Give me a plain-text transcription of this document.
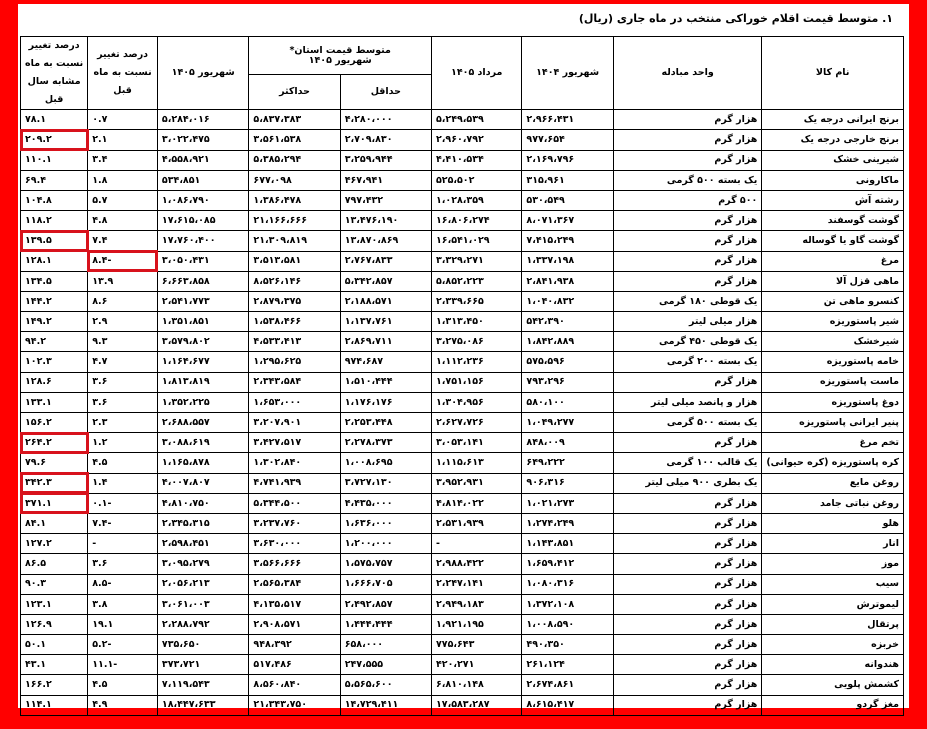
۱. متوسط قیمت اقلام خوراکی منتخب در ماه جاری (ریال)
نام کالا	واحد مبادله	شهریور ۱۴۰۴	مرداد ۱۴۰۵	متوسط قیمت استان*
شهریور ۱۴۰۵		شهریور ۱۴۰۵	درصد تغییر نسبت به ماه قبل	درصد تغییر نسبت به ماه مشابه سال قبل
				حداقل	حداکثر			
برنج ایرانی درجه یک	هزار گرم	۲،۹۶۶،۴۳۱	۵،۲۴۹،۵۳۹	۴،۲۸۰،۰۰۰	۵،۸۳۷،۳۸۳	۵،۲۸۴،۰۱۶	۰.۷	۷۸.۱
برنج خارجی درجه یک	هزار گرم	۹۷۷،۶۵۴	۲،۹۶۰،۷۹۲	۲،۷۰۹،۸۳۰	۳،۵۶۱،۵۳۸	۳،۰۲۲،۴۷۵	۲.۱	۲۰۹.۲
شیرینی خشک	هزار گرم	۲،۱۶۹،۷۹۶	۴،۴۱۰،۵۳۴	۳،۲۵۹،۹۴۴	۵،۳۸۵،۲۹۴	۴،۵۵۸،۹۲۱	۳.۴	۱۱۰.۱
ماکارونی	یک بسته ۵۰۰ گرمی	۳۱۵،۹۶۱	۵۲۵،۵۰۲	۴۶۷،۹۴۱	۶۷۷،۰۹۸	۵۳۴،۸۵۱	۱.۸	۶۹.۴
رشته آش	۵۰۰ گرم	۵۳۰،۵۴۹	۱،۰۲۸،۳۵۹	۷۹۷،۴۳۲	۱،۳۸۶،۴۷۸	۱،۰۸۶،۷۹۰	۵.۷	۱۰۴.۸
گوشت گوسفند	هزار گرم	۸،۰۷۱،۳۶۷	۱۶،۸۰۶،۲۷۴	۱۳،۴۷۶،۱۹۰	۲۱،۱۶۶،۶۶۶	۱۷،۶۱۵،۰۸۵	۴.۸	۱۱۸.۲
گوشت گاو یا گوساله	هزار گرم	۷،۴۱۵،۲۴۹	۱۶،۵۴۱،۰۲۹	۱۳،۸۷۰،۸۶۹	۲۱،۳۰۹،۸۱۹	۱۷،۷۶۰،۴۰۰	۷.۴	۱۳۹.۵
مرغ	هزار گرم	۱،۳۳۷،۱۹۸	۳،۳۲۹،۲۷۱	۲،۷۶۷،۸۳۳	۳،۵۱۳،۵۸۱	۳،۰۵۰،۴۳۱	۸.۴-	۱۲۸.۱
ماهی قزل آلا	هزار گرم	۲،۸۴۱،۹۳۸	۵،۸۵۲،۲۲۳	۵،۳۴۲،۸۵۷	۸،۵۲۶،۱۴۶	۶،۶۶۳،۸۵۸	۱۳.۹	۱۳۴.۵
کنسرو ماهی تن	یک قوطی ۱۸۰ گرمی	۱،۰۴۰،۸۳۲	۲،۳۳۹،۶۶۵	۲،۱۸۸،۵۷۱	۲،۸۷۹،۳۷۵	۲،۵۴۱،۷۷۳	۸.۶	۱۴۴.۲
شیر پاستوریزه	هزار میلی لیتر	۵۴۲،۳۹۰	۱،۳۱۳،۴۵۰	۱،۱۳۷،۷۶۱	۱،۵۳۸،۴۶۶	۱،۳۵۱،۸۵۱	۲.۹	۱۴۹.۲
شیرخشک	یک قوطی ۴۵۰ گرمی	۱،۸۴۲،۸۸۹	۳،۲۷۵،۰۸۶	۲،۸۶۹،۷۱۱	۴،۵۳۳،۴۱۳	۳،۵۷۹،۸۰۲	۹.۳	۹۴.۲
خامه پاستوریزه	یک بسته ۲۰۰ گرمی	۵۷۵،۵۹۶	۱،۱۱۲،۲۳۶	۹۷۴،۶۸۷	۱،۲۹۵،۶۲۵	۱،۱۶۴،۶۷۷	۴.۷	۱۰۲.۳
ماست پاستوریزه	هزار گرم	۷۹۳،۲۹۶	۱،۷۵۱،۱۵۶	۱،۵۱۰،۴۴۴	۲،۳۴۳،۵۸۴	۱،۸۱۳،۸۱۹	۳.۶	۱۲۸.۶
دوغ پاستوریزه	هزار و پانصد میلی لیتر	۵۸۰،۱۰۰	۱،۳۰۴،۹۵۶	۱،۱۷۶،۱۷۶	۱،۶۵۳،۰۰۰	۱،۳۵۲،۲۲۵	۳.۶	۱۳۳.۱
پنیر ایرانی پاستوریزه	یک بسته ۵۰۰ گرمی	۱،۰۴۹،۲۷۷	۲،۶۲۷،۷۲۶	۲،۲۵۳،۴۴۸	۳،۲۰۷،۹۰۱	۲،۶۸۸،۵۵۷	۲.۳	۱۵۶.۲
تخم مرغ	هزار گرم	۸۴۸،۰۰۹	۳،۰۵۳،۱۴۱	۲،۲۷۸،۳۷۳	۳،۴۲۷،۵۱۷	۳،۰۸۸،۶۱۹	۱.۲	۲۶۴.۲
کره پاستوریزه (کره حیوانی)	یک قالب ۱۰۰ گرمی	۶۴۹،۲۲۲	۱،۱۱۵،۶۱۳	۱،۰۰۸،۶۹۵	۱،۳۰۲،۸۴۰	۱،۱۶۵،۸۷۸	۴.۵	۷۹.۶
روغن مایع	یک بطری ۹۰۰ میلی لیتر	۹۰۶،۳۱۶	۳،۹۵۲،۹۳۱	۳،۷۲۷،۱۳۰	۴،۷۴۱،۹۳۹	۴،۰۰۷،۸۰۷	۱.۴	۳۴۲.۳
روغن نباتی جامد	هزار گرم	۱،۰۲۱،۲۷۳	۴،۸۱۴،۰۲۲	۴،۴۳۵،۰۰۰	۵،۳۴۴،۵۰۰	۴،۸۱۰،۷۵۰	۰.۱-	۳۷۱.۱
هلو	هزار گرم	۱،۲۷۴،۲۴۹	۲،۵۳۱،۹۳۹	۱،۶۳۶،۰۰۰	۳،۲۳۷،۷۶۰	۲،۳۴۵،۳۱۵	۷.۴-	۸۴.۱
انار	هزار گرم	۱،۱۴۳،۸۵۱	-	۱،۲۰۰،۰۰۰	۳،۶۳۰،۰۰۰	۲،۵۹۸،۴۵۱	-	۱۲۷.۲
موز	هزار گرم	۱،۶۵۹،۴۱۲	۲،۹۸۸،۴۲۲	۱،۵۷۵،۷۵۷	۳،۵۶۶،۶۶۶	۳،۰۹۵،۲۷۹	۳.۶	۸۶.۵
سیب	هزار گرم	۱،۰۸۰،۳۱۶	۲،۲۴۷،۱۴۱	۱،۶۶۶،۷۰۵	۲،۵۶۵،۳۸۴	۲،۰۵۶،۲۱۳	۸.۵-	۹۰.۳
لیموترش	هزار گرم	۱،۳۷۲،۱۰۸	۲،۹۴۹،۱۸۳	۲،۴۹۲،۸۵۷	۴،۱۳۵،۵۱۷	۳،۰۶۱،۰۰۳	۳.۸	۱۲۳.۱
پرتقال	هزار گرم	۱،۰۰۸،۵۹۰	۱،۹۲۱،۱۹۵	۱،۴۴۴،۴۴۴	۲،۹۰۸،۵۷۱	۲،۲۸۸،۷۹۲	۱۹.۱	۱۲۶.۹
خربزه	هزار گرم	۴۹۰،۳۵۰	۷۷۵،۶۴۳	۶۵۸،۰۰۰	۹۴۸،۳۹۲	۷۳۵،۶۵۰	۵.۲-	۵۰.۱
هندوانه	هزار گرم	۲۶۱،۱۲۴	۴۲۰،۲۷۱	۲۴۷،۵۵۵	۵۱۷،۴۸۶	۳۷۳،۷۲۱	۱۱.۱-	۴۳.۱
کشمش پلویی	هزار گرم	۲،۶۷۴،۸۶۱	۶،۸۱۰،۱۴۸	۵،۵۶۵،۶۰۰	۸،۵۶۰،۸۴۰	۷،۱۱۹،۵۴۳	۴.۵	۱۶۶.۲
مغز گردو	هزار گرم	۸،۶۱۵،۴۱۷	۱۷،۵۸۳،۲۸۷	۱۴،۷۲۹،۴۱۱	۲۱،۳۴۳،۷۵۰	۱۸،۴۴۷،۶۳۳	۴.۹	۱۱۴.۱
